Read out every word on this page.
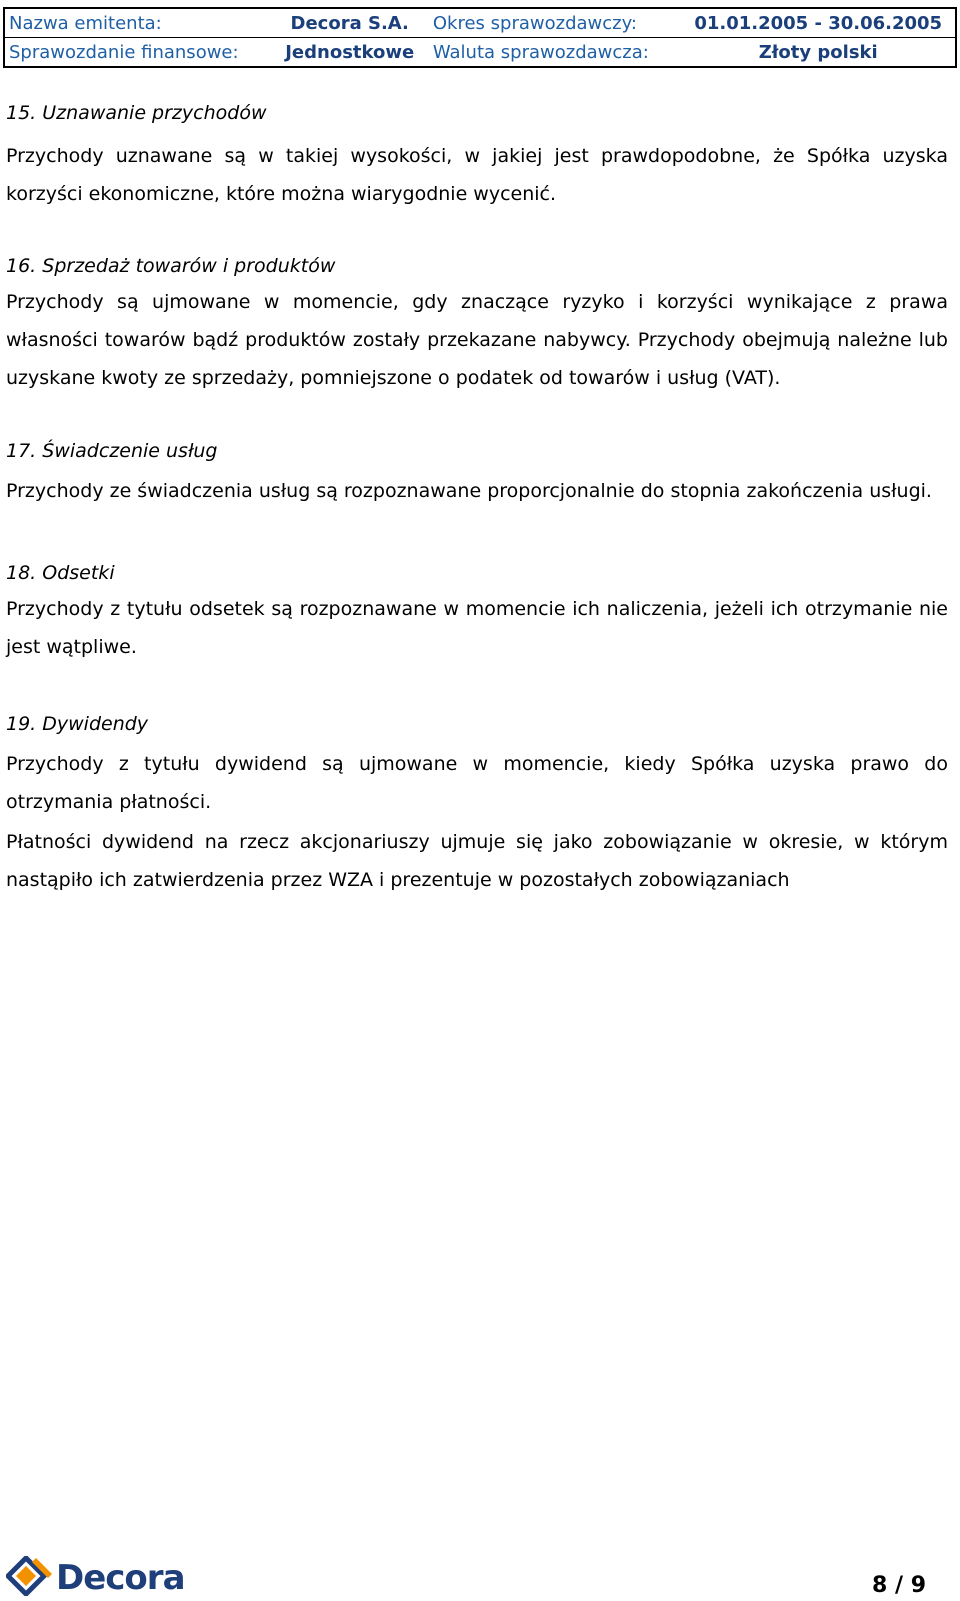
Nazwa emitenta:	Decora S.A.	Okres sprawozdawczy:	01.01.2005 - 30.06.2005
Sprawozdanie finansowe:	Jednostkowe	Waluta sprawozdawcza:	Złoty polski
15. Uznawanie przychodów
Przychody uznawane są w takiej wysokości, w jakiej jest prawdopodobne, że Spółka uzyska korzyści ekonomiczne, które można wiarygodnie wycenić.
16. Sprzedaż towarów i produktów
Przychody są ujmowane w momencie, gdy znaczące ryzyko i korzyści wynikające z prawa własności towarów bądź produktów zostały przekazane nabywcy. Przychody obejmują należne lub uzyskane kwoty ze sprzedaży, pomniejszone o podatek od towarów i usług (VAT).
17. Świadczenie usług
Przychody ze świadczenia usług są rozpoznawane proporcjonalnie do stopnia zakończenia usługi.
18. Odsetki
Przychody z tytułu odsetek są rozpoznawane w momencie ich naliczenia, jeżeli ich otrzymanie nie jest wątpliwe.
19. Dywidendy
Przychody z tytułu dywidend są ujmowane w momencie, kiedy Spółka uzyska prawo do otrzymania płatności.
Płatności dywidend na rzecz akcjonariuszy ujmuje się jako zobowiązanie w okresie, w którym nastąpiło ich zatwierdzenia przez WZA i prezentuje w pozostałych zobowiązaniach
Decora	8 / 9
